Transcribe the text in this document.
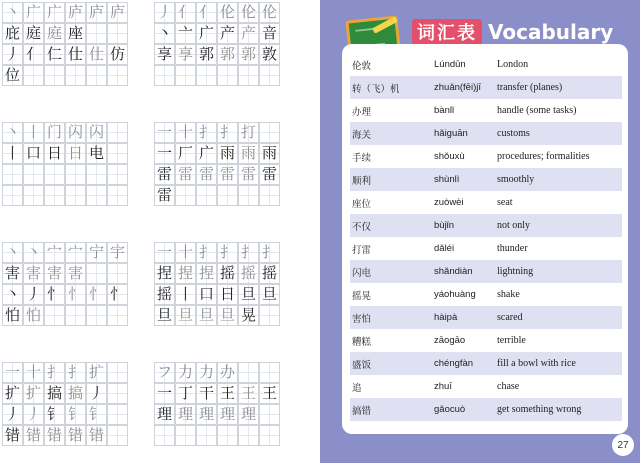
丶 广 广 庐 庐 庐
庇 庭 庭 座
丿 亻 仁 仕 仕 仿
位
丿 亻 亻 伦 伦 伦
丶 亠 广 产 产 音
享 享 郭 郭 郭 敦
丶 丨 门 闪 闪
丨 口 日 日 电
一 十 扌 扌 打
一 厂 广 雨 雨 雨
雷 雷 雷 雷 雷 雷
雷
丶 丶 宀 宀 宁 宇
害 害 害 害
丶 丿 忄 忄 忄 忄
怕 怕
一 十 扌 扌 扌 扌
捏 捏 捏 摇 摇 摇
摇 丨 口 日 旦 旦
旦 旦 旦 旦 晃
一 十 扌 扌 扩
扩 扩 搞 搞 丿
丿 丿 钅 钅 钅
错 错 错 错 错
フ 力 力 办
一 丁 干 王 王 王
理 理 理 理 理
词汇表 Vocabulary
伦敦	Lúndūn	London
转（飞）机	zhuǎn(fēi)jī	transfer (planes)
办理	bànlǐ	handle (some tasks)
海关	hǎiguān	customs
手续	shǒuxù	procedures; formalities
顺利	shùnlì	smoothly
座位	zuòwèi	seat
不仅	bùjǐn	not only
打雷	dǎléi	thunder
闪电	shǎndiàn	lightning
摇晃	yáohuàng	shake
害怕	hàipà	scared
糟糕	zāogāo	terrible
盛饭	chéngfàn	fill a bowl with rice
追	zhuī	chase
搞错	gǎocuò	get something wrong
27
